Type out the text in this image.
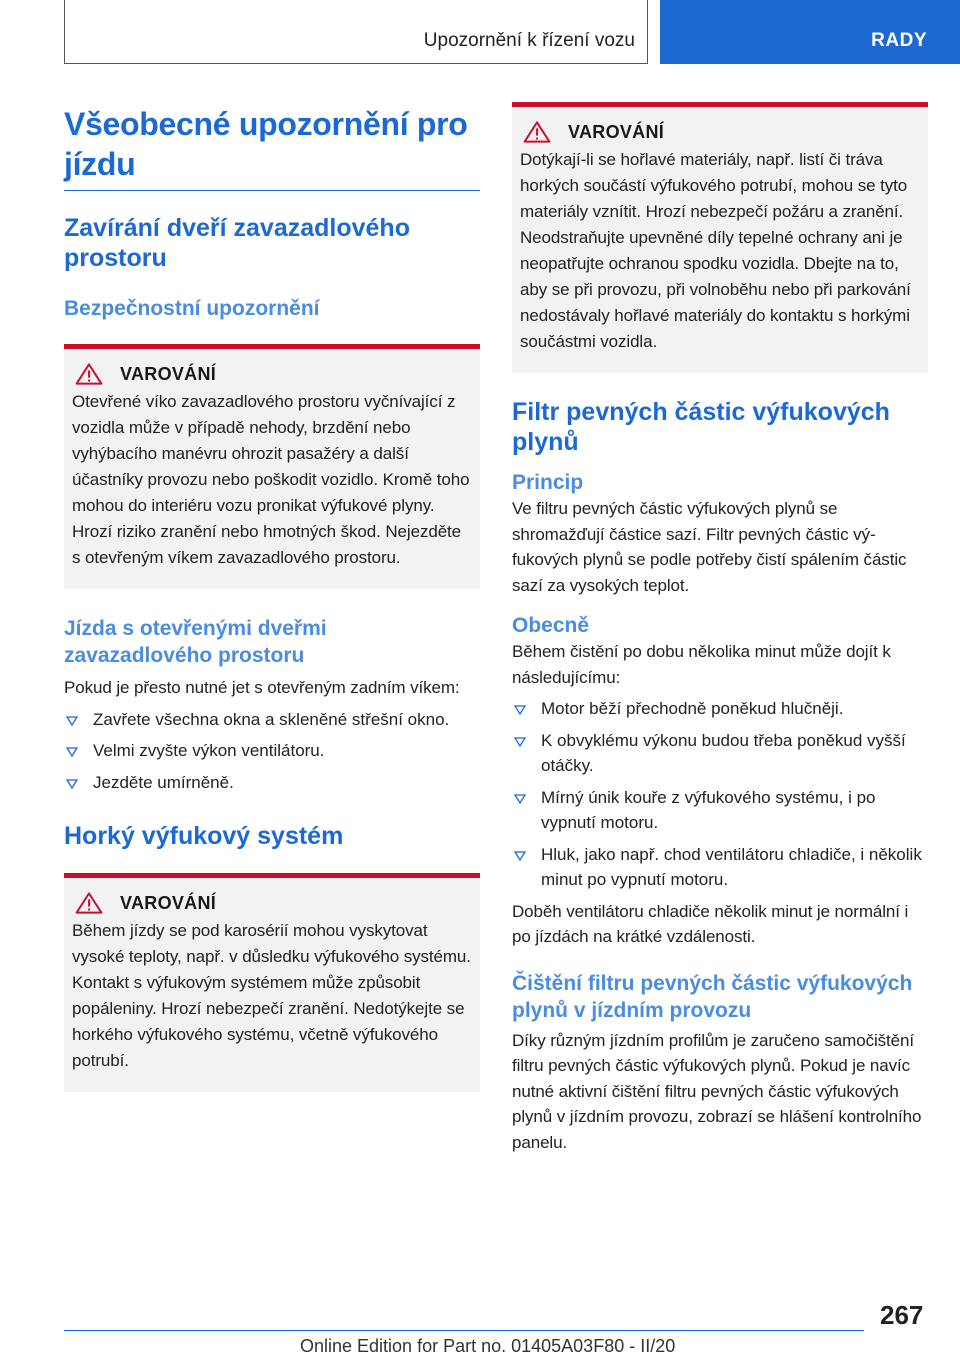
Upozornění k řízení vozu	RADY
Všeobecné upozornění pro jízdu
Zavírání dveří zavazadlového prostoru
Bezpečnostní upozornění
VAROVÁNÍ

Otevřené víko zavazadlového prostoru vyčnívající z vozidla může v případě nehody, brzdění nebo vyhýbacího manévru ohrozit pasažéry a další účastníky provozu nebo poškodit vozidlo. Kromě toho mohou do interiéru vozu pronikat výfukové plyny. Hrozí riziko zranění nebo hmotných škod. Nejezděte s otevřeným víkem zavazadlového prostoru.

Jízda s otevřenými dveřmi zavazadlového prostoru

Pokud je přesto nutné jet s otevřeným zadním víkem:

Zavřete všechna okna a skleněné střešní okno.
Velmi zvyšte výkon ventilátoru.
Jezděte umírněně.
Horký výfukový systém
VAROVÁNÍ

Během jízdy se pod karosérií mohou vyskytovat vysoké teploty, např. v důsledku výfukového systému. Kontakt s výfukovým systémem může způsobit popáleniny. Hrozí nebezpečí zranění. Nedotýkejte se horkého výfukového systému, včetně výfukového potrubí.

VAROVÁNÍ

Dotýkají-li se hořlavé materiály, např. listí či tráva horkých součástí výfukového potrubí, mohou se tyto materiály vznítit. Hrozí nebezpečí požáru a zranění. Neodstraňujte upevněné díly tepelné ochrany ani je neopatřujte ochranou spodku vozidla. Dbejte na to, aby se při provozu, při volnoběhu nebo při parkování nedostávaly hořlavé materiály do kontaktu s horkými součástmi vozidla.

Filtr pevných částic výfukových plynů
Princip

Ve filtru pevných částic výfukových plynů se shromažďují částice sazí. Filtr pevných částic výfukových plynů se podle potřeby čistí spálením částic sazí za vysokých teplot.

Obecně

Během čistění po dobu několika minut může dojít k následujícímu:

Motor běží přechodně poněkud hlučněji.
K obvyklému výkonu budou třeba poněkud vyšší otáčky.
Mírný únik kouře z výfukového systému, i po vypnutí motoru.
Hluk, jako např. chod ventilátoru chladiče, i několik minut po vypnutí motoru.

Doběh ventilátoru chladiče několik minut je normální i po jízdách na krátké vzdálenosti.

Čištění filtru pevných částic výfukových plynů v jízdním provozu

Díky různým jízdním profilům je zaručeno samočištění filtru pevných částic výfukových plynů. Pokud je navíc nutné aktivní čištění filtru pevných částic výfukových plynů v jízdním provozu, zobrazí se hlášení kontrolního panelu.

267
Online Edition for Part no. 01405A03F80 - II/20
